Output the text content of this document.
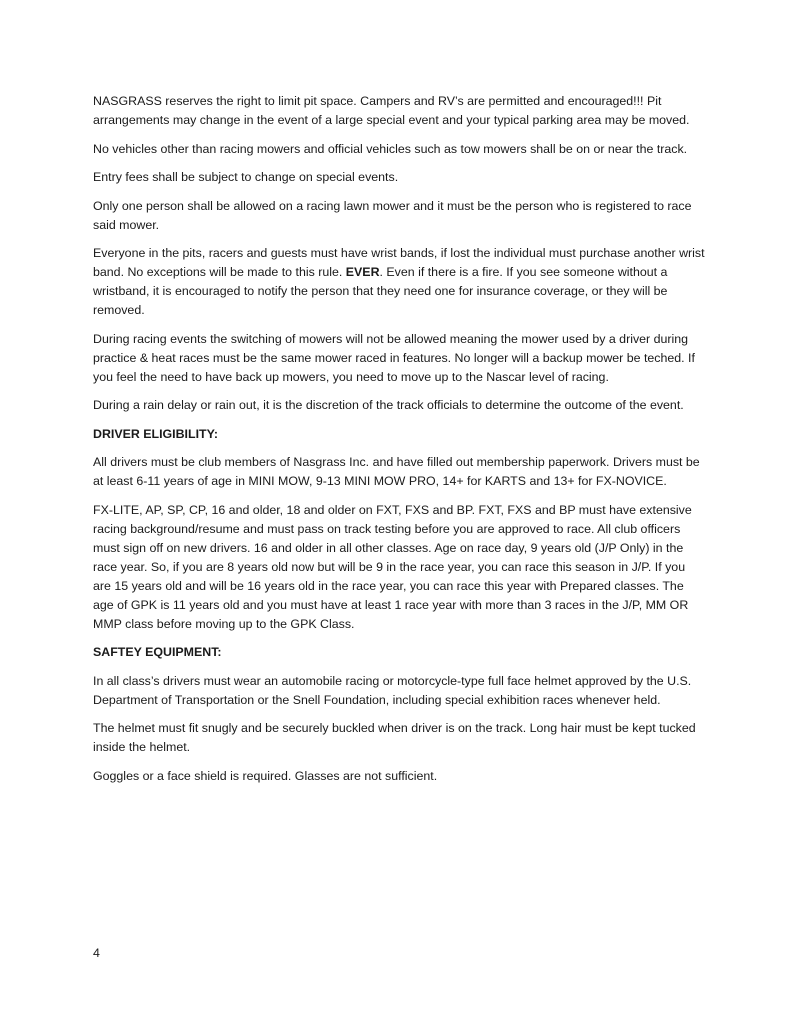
NASGRASS reserves the right to limit pit space. Campers and RV’s are permitted and encouraged!!! Pit arrangements may change in the event of a large special event and your typical parking area may be moved.

No vehicles other than racing mowers and official vehicles such as tow mowers shall be on or near the track.

Entry fees shall be subject to change on special events.

Only one person shall be allowed on a racing lawn mower and it must be the person who is registered to race said mower.

Everyone in the pits, racers and guests must have wrist bands, if lost the individual must purchase another wrist band. No exceptions will be made to this rule. EVER. Even if there is a fire. If you see someone without a wristband, it is encouraged to notify the person that they need one for insurance coverage, or they will be removed.

During racing events the switching of mowers will not be allowed meaning the mower used by a driver during practice & heat races must be the same mower raced in features. No longer will a backup mower be teched. If you feel the need to have back up mowers, you need to move up to the Nascar level of racing.

During a rain delay or rain out, it is the discretion of the track officials to determine the outcome of the event.

DRIVER ELIGIBILITY:

All drivers must be club members of Nasgrass Inc. and have filled out membership paperwork. Drivers must be at least 6-11 years of age in MINI MOW, 9-13 MINI MOW PRO, 14+ for KARTS and 13+ for FX-NOVICE.

FX-LITE, AP, SP, CP, 16 and older, 18 and older on FXT, FXS and BP. FXT, FXS and BP must have extensive racing background/resume and must pass on track testing before you are approved to race. All club officers must sign off on new drivers. 16 and older in all other classes. Age on race day, 9 years old (J/P Only) in the race year. So, if you are 8 years old now but will be 9 in the race year, you can race this season in J/P. If you are 15 years old and will be 16 years old in the race year, you can race this year with Prepared classes. The age of GPK is 11 years old and you must have at least 1 race year with more than 3 races in the J/P, MM OR MMP class before moving up to the GPK Class.

SAFTEY EQUIPMENT:

In all class’s drivers must wear an automobile racing or motorcycle-type full face helmet approved by the U.S. Department of Transportation or the Snell Foundation, including special exhibition races whenever held.

The helmet must fit snugly and be securely buckled when driver is on the track. Long hair must be kept tucked inside the helmet.

Goggles or a face shield is required. Glasses are not sufficient.

4
